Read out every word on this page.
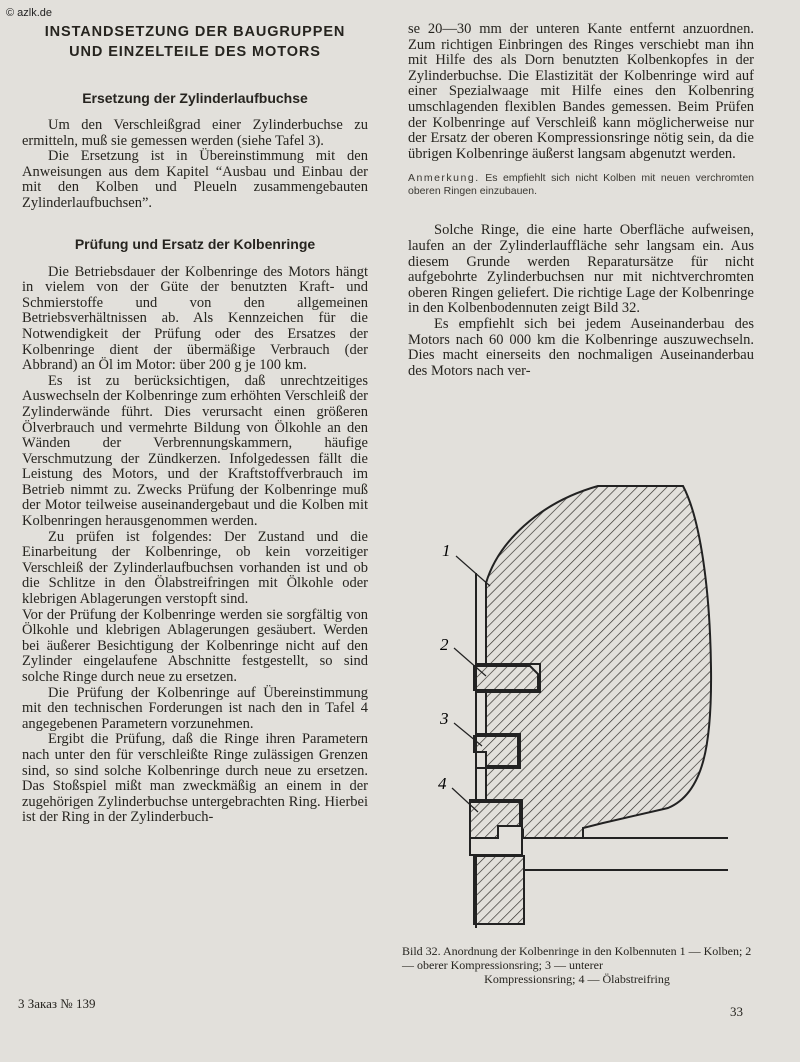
© azlk.de
INSTANDSETZUNG DER BAUGRUPPEN
UND EINZELTEILE DES MOTORS
Ersetzung der Zylinderlaufbuchse

Um den Verschleißgrad einer Zylinderbuchse zu ermitteln, muß sie gemessen werden (siehe Tafel 3).

Die Ersetzung ist in Übereinstimmung mit den Anweisungen aus dem Kapitel “Ausbau und Einbau der mit den Kolben und Pleueln zusammengebauten Zylinderlaufbuchsen”.

Prüfung und Ersatz der Kolbenringe

Die Betriebsdauer der Kolbenringe des Motors hängt in vielem von der Güte der benutzten Kraft- und Schmierstoffe und von den allgemeinen Betriebsverhältnissen ab. Als Kennzeichen für die Notwendigkeit der Prüfung oder des Ersatzes der Kolbenringe dient der übermäßige Verbrauch (der Abbrand) an Öl im Motor: über 200 g je 100 km.

Es ist zu berücksichtigen, daß unrechtzeitiges Auswechseln der Kolbenringe zum erhöhten Verschleiß der Zylinderwände führt. Dies verursacht einen größeren Ölverbrauch und vermehrte Bildung von Ölkohle an den Wänden der Verbrennungskammern, häufige Verschmutzung der Zündkerzen. Infolgedessen fällt die Leistung des Motors, und der Kraftstoffverbrauch im Betrieb nimmt zu. Zwecks Prüfung der Kolbenringe muß der Motor teilweise auseinandergebaut und die Kolben mit Kolbenringen herausgenommen werden.

Zu prüfen ist folgendes: Der Zustand und die Einarbeitung der Kolbenringe, ob kein vorzeitiger Verschleiß der Zylinderlaufbuchsen vorhanden ist und ob die Schlitze in den Ölabstreifringen mit Ölkohle oder klebrigen Ablagerungen verstopft sind.

Vor der Prüfung der Kolbenringe werden sie sorgfältig von Ölkohle und klebrigen Ablagerungen gesäubert. Werden bei äußerer Besichtigung der Kolbenringe nicht auf den Zylinder eingelaufene Abschnitte festgestellt, so sind solche Ringe durch neue zu ersetzen.

Die Prüfung der Kolbenringe auf Übereinstimmung mit den technischen Forderungen ist nach den in Tafel 4 angegebenen Parametern vorzunehmen.

Ergibt die Prüfung, daß die Ringe ihren Parametern nach unter den für verschleißte Ringe zulässigen Grenzen sind, so sind solche Kolbenringe durch neue zu ersetzen. Das Stoßspiel mißt man zweckmäßig an einem in der zugehörigen Zylinderbuchse untergebrachten Ring. Hierbei ist der Ring in der Zylinderbuch-

se 20—30 mm der unteren Kante entfernt anzuordnen. Zum richtigen Einbringen des Ringes verschiebt man ihn mit Hilfe des als Dorn benutzten Kolbenkopfes in der Zylinderbuchse. Die Elastizität der Kolbenringe wird auf einer Spezialwaage mit Hilfe eines den Kolbenring umschlagenden flexiblen Bandes gemessen. Beim Prüfen der Kolbenringe auf Verschleiß kann möglicherweise nur der Ersatz der oberen Kompressionsringe nötig sein, da die übrigen Kolbenringe äußerst langsam abgenutzt werden.

Anmerkung. Es empfiehlt sich nicht Kolben mit neuen verchromten oberen Ringen einzubauen.

Solche Ringe, die eine harte Oberfläche aufweisen, laufen an der Zylinderlauffläche sehr langsam ein. Aus diesem Grunde werden Reparatursätze für nicht aufgebohrte Zylinderbuchsen nur mit nichtverchromten oberen Ringen geliefert. Die richtige Lage der Kolbenringe in den Kolbenbodennuten zeigt Bild 32.

Es empfiehlt sich bei jedem Auseinanderbau des Motors nach 60 000 km die Kolbenringe auszuwechseln. Dies macht einerseits den nochmaligen Auseinanderbau des Motors nach ver-

1
2
3
4
Bild 32. Anordnung der Kolbenringe in den Kolbennuten 1 — Kolben; 2 — oberer Kompressionsring; 3 — unterer
Kompressionsring; 4 — Ölabstreifring
3 Заказ № 139
33
